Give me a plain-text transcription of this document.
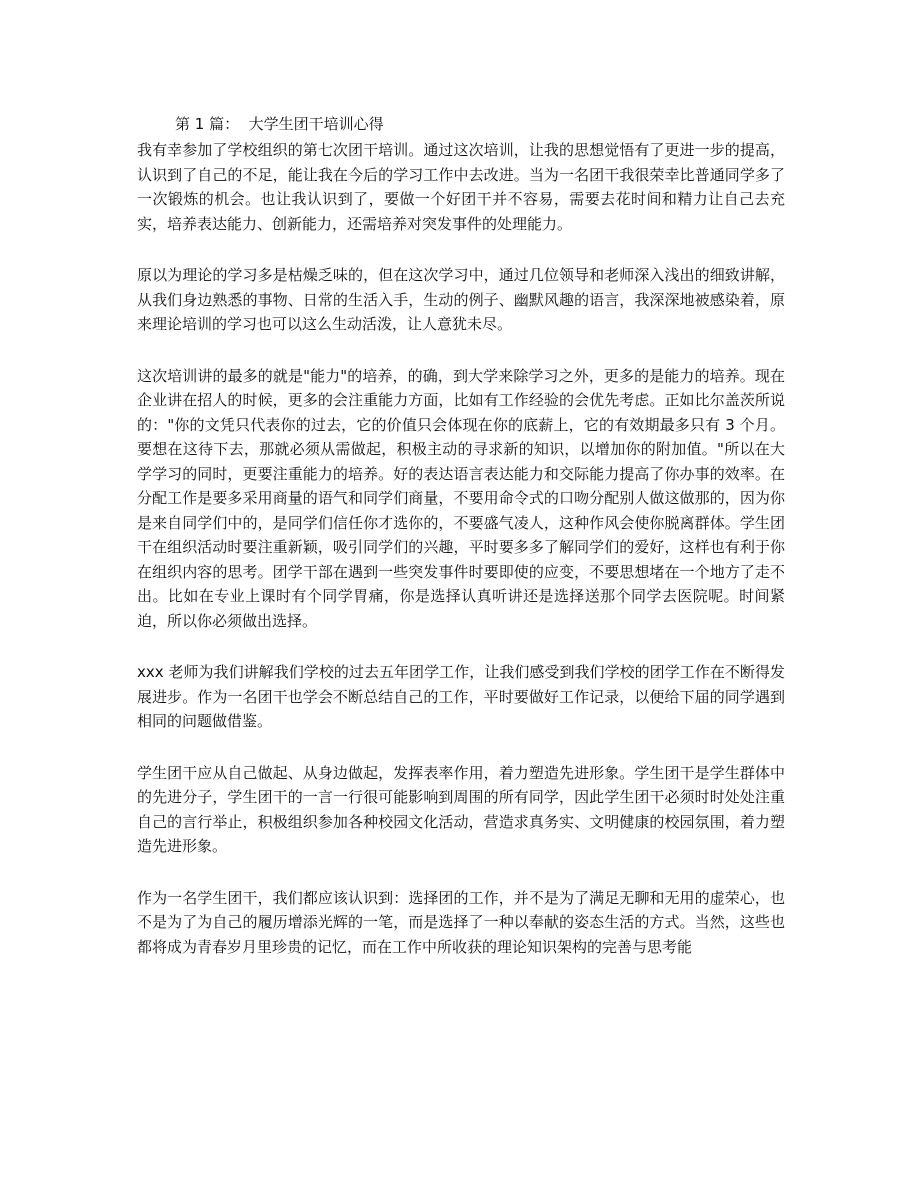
第 1 篇：  大学生团干培训心得

我有幸参加了学校组织的第七次团干培训。通过这次培训，让我的思想觉悟有了更进一步的提高，认识到了自己的不足，能让我在今后的学习工作中去改进。当为一名团干我很荣幸比普通同学多了一次锻炼的机会。也让我认识到了，要做一个好团干并不容易，需要去花时间和精力让自己去充实，培养表达能力、创新能力，还需培养对突发事件的处理能力。

原以为理论的学习多是枯燥乏味的，但在这次学习中，通过几位领导和老师深入浅出的细致讲解，从我们身边熟悉的事物、日常的生活入手，生动的例子、幽默风趣的语言，我深深地被感染着，原来理论培训的学习也可以这么生动活泼，让人意犹未尽。

这次培训讲的最多的就是"能力"的培养，的确，到大学来除学习之外，更多的是能力的培养。现在企业讲在招人的时候，更多的会注重能力方面，比如有工作经验的会优先考虑。正如比尔盖茨所说的："你的文凭只代表你的过去，它的价值只会体现在你的底薪上，它的有效期最多只有 3 个月。要想在这待下去，那就必须从需做起，积极主动的寻求新的知识，以增加你的附加值。"所以在大学学习的同时，更要注重能力的培养。好的表达语言表达能力和交际能力提高了你办事的效率。在分配工作是要多采用商量的语气和同学们商量，不要用命令式的口吻分配别人做这做那的，因为你是来自同学们中的，是同学们信任你才选你的，不要盛气凌人，这种作风会使你脱离群体。学生团干在组织活动时要注重新颖，吸引同学们的兴趣，平时要多多了解同学们的爱好，这样也有利于你在组织内容的思考。团学干部在遇到一些突发事件时要即使的应变，不要思想堵在一个地方了走不出。比如在专业上课时有个同学胃痛，你是选择认真听讲还是选择送那个同学去医院呢。时间紧迫，所以你必须做出选择。

xxx 老师为我们讲解我们学校的过去五年团学工作，让我们感受到我们学校的团学工作在不断得发展进步。作为一名团干也学会不断总结自己的工作，平时要做好工作记录，以便给下届的同学遇到相同的问题做借鉴。

学生团干应从自己做起、从身边做起，发挥表率作用，着力塑造先进形象。学生团干是学生群体中的先进分子，学生团干的一言一行很可能影响到周围的所有同学，因此学生团干必须时时处处注重自己的言行举止，积极组织参加各种校园文化活动，营造求真务实、文明健康的校园氛围，着力塑造先进形象。

作为一名学生团干，我们都应该认识到：选择团的工作，并不是为了满足无聊和无用的虚荣心，也不是为了为自己的履历增添光辉的一笔，而是选择了一种以奉献的姿态生活的方式。当然，这些也都将成为青春岁月里珍贵的记忆，而在工作中所收获的理论知识架构的完善与思考能
